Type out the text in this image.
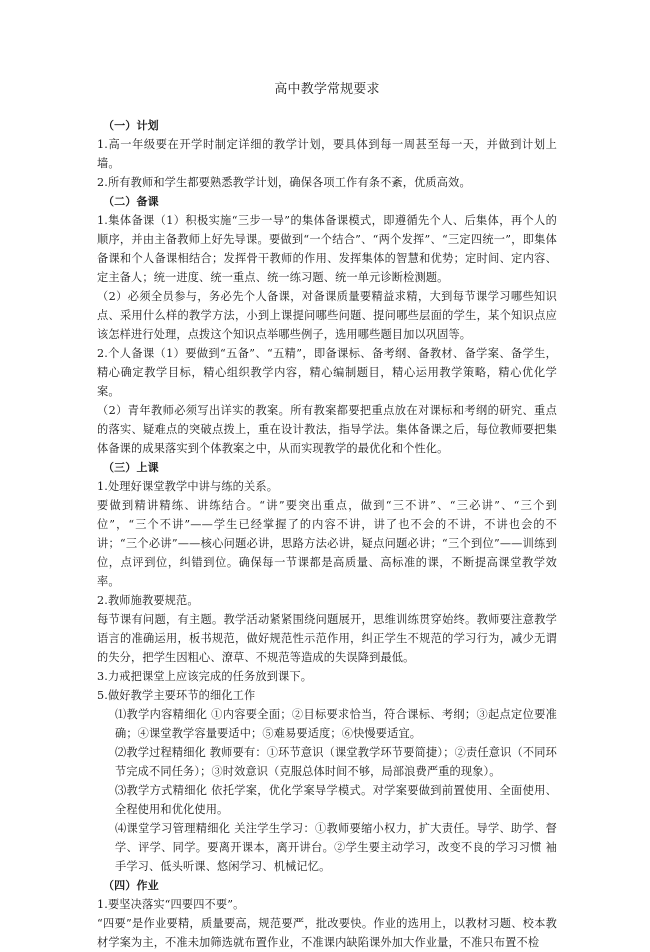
高中教学常规要求
（一）计划

1.高一年级要在开学时制定详细的教学计划，要具体到每一周甚至每一天，并做到计划上墙。

2.所有教师和学生都要熟悉教学计划，确保各项工作有条不紊，优质高效。

（二）备课

1.集体备课（1）积极实施“三步一导”的集体备课模式，即遵循先个人、后集体，再个人的顺序，并由主备教师上好先导课。要做到“一个结合”、“两个发挥”、“三定四统一”，即集体备课和个人备课相结合；发挥骨干教师的作用、发挥集体的智慧和优势；定时间、定内容、定主备人；统一进度、统一重点、统一练习题、统一单元诊断检测题。

（2）必须全员参与，务必先个人备课，对备课质量要精益求精，大到每节课学习哪些知识点、采用什么样的教学方法，小到上课提问哪些问题、提问哪些层面的学生，某个知识点应该怎样进行处理，点拨这个知识点举哪些例子，选用哪些题目加以巩固等。

2.个人备课（1）要做到“五备”、“五精”，即备课标、备考纲、备教材、备学案、备学生，精心确定教学目标，精心组织教学内容，精心编制题目，精心运用教学策略，精心优化学案。

（2）青年教师必须写出详实的教案。所有教案都要把重点放在对课标和考纲的研究、重点的落实、疑难点的突破点拨上，重在设计教法，指导学法。集体备课之后，每位教师要把集体备课的成果落实到个体教案之中，从而实现教学的最优化和个性化。

（三）上课

1.处理好课堂教学中讲与练的关系。

要做到精讲精练、讲练结合。“讲”要突出重点，做到“三不讲”、“三必讲”、“三个到位”，“三个不讲”——学生已经掌握了的内容不讲，讲了也不会的不讲，不讲也会的不讲；“三个必讲”——核心问题必讲，思路方法必讲，疑点问题必讲；“三个到位”——训练到位，点评到位，纠错到位。确保每一节课都是高质量、高标准的课，不断提高课堂教学效率。

2.教师施教要规范。

每节课有问题，有主题。教学活动紧紧围绕问题展开，思维训练贯穿始终。教师要注意教学语言的准确运用，板书规范，做好规范性示范作用，纠正学生不规范的学习行为，减少无谓的失分，把学生因粗心、潦草、不规范等造成的失误降到最低。

3.力戒把课堂上应该完成的任务放到课下。

5.做好教学主要环节的细化工作

⑴教学内容精细化 ①内容要全面；②目标要求恰当，符合课标、考纲；③起点定位要准确；④课堂教学容量要适中；⑤难易要适度；⑥快慢要适宜。

⑵教学过程精细化 教师要有：①环节意识（课堂教学环节要简捷）；②责任意识（不同环节完成不同任务）；③时效意识（克服总体时间不够，局部浪费严重的现象）。

⑶教学方式精细化 依托学案，优化学案导学模式。对学案要做到前置使用、全面使用、全程使用和优化使用。

⑷课堂学习管理精细化 关注学生学习：①教师要缩小权力，扩大责任。导学、助学、督学、评学、同学。要离开课本，离开讲台。②学生要主动学习，改变不良的学习习惯 袖手学习、低头听课、悠闲学习、机械记忆。

（四）作业

1.要坚决落实“四要四不要”。

“四要”是作业要精，质量要高，规范要严，批改要快。作业的选用上，以教材习题、校本教材学案为主，不准未加筛选就布置作业，不准课内缺陷课外加大作业量，不准只布置不检
